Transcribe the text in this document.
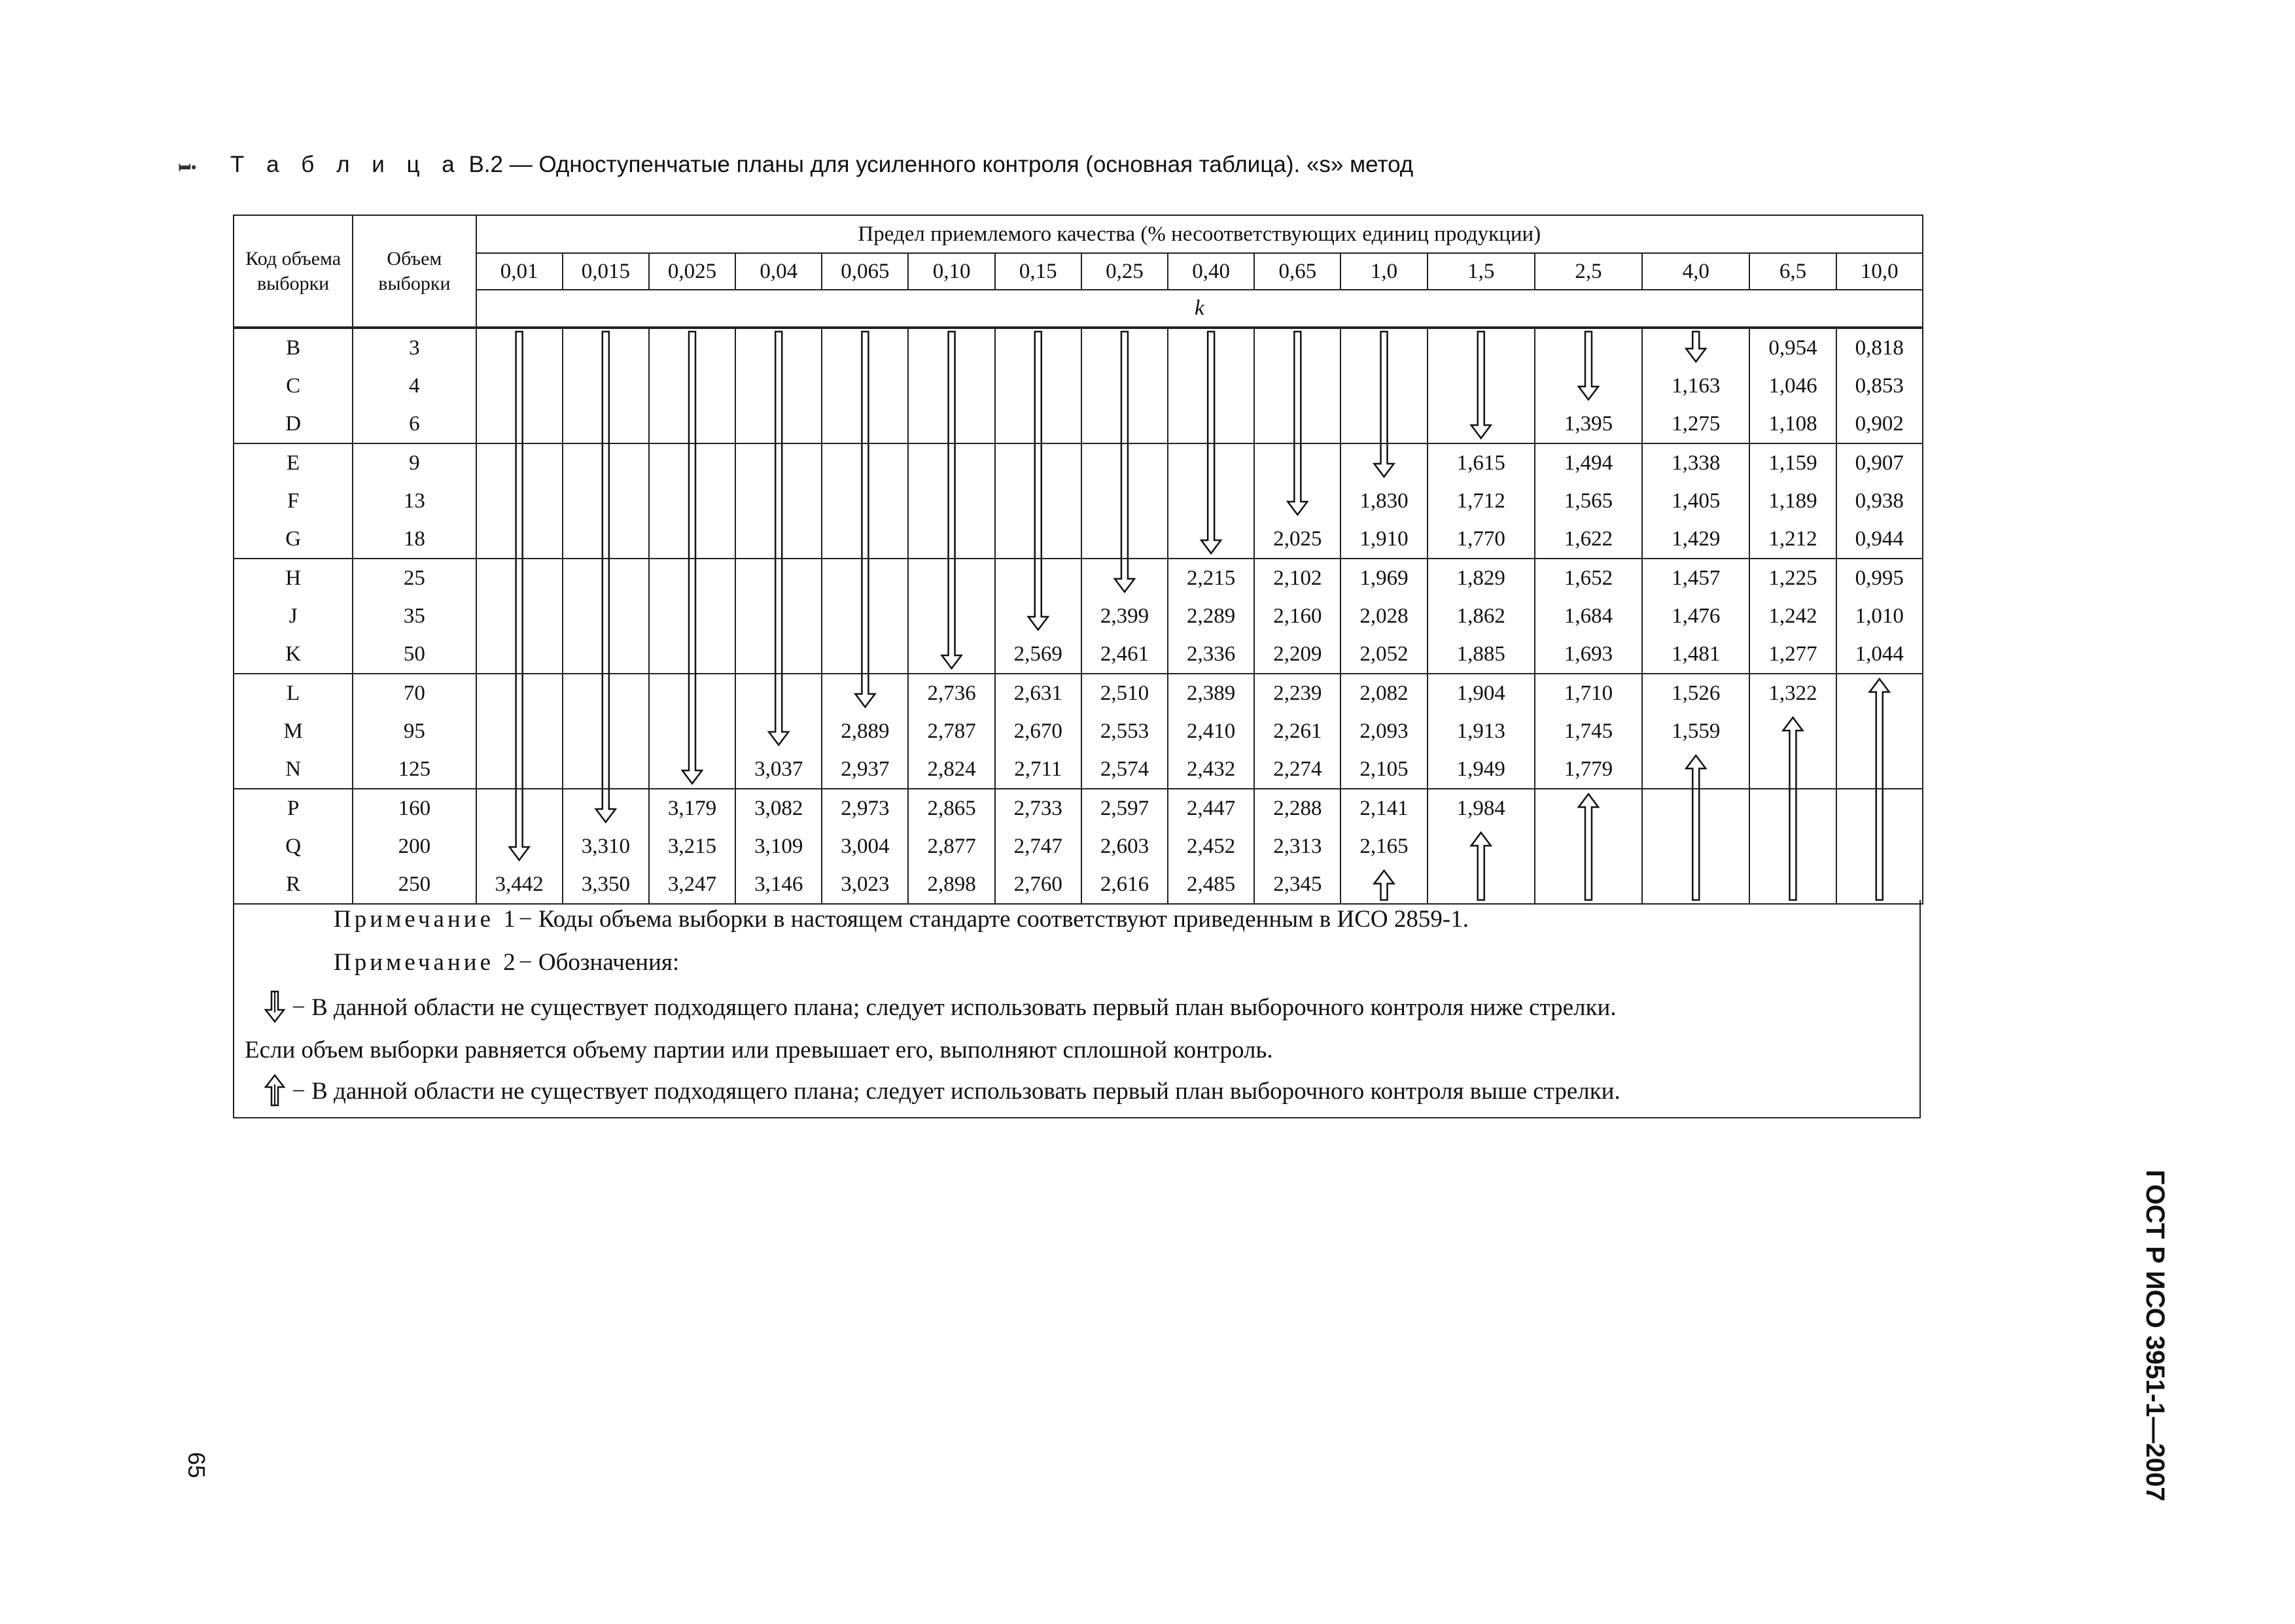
ℹ Т а б л и ц а В.2 — Одноступенчатые планы для усиленного контроля (основная таблица). «s» метод
Код объема выборки	Объем выборки	Предел приемлемого качества (% несоответствующих единиц продукции)															
		0,01	0,015	0,025	0,04	0,065	0,10	0,15	0,25	0,40	0,65	1,0	1,5	2,5	4,0	6,5	10,0
		k															
B	3															0,954	0,818
C	4														1,163	1,046	0,853
D	6													1,395	1,275	1,108	0,902
E	9												1,615	1,494	1,338	1,159	0,907
F	13											1,830	1,712	1,565	1,405	1,189	0,938
G	18										2,025	1,910	1,770	1,622	1,429	1,212	0,944
H	25									2,215	2,102	1,969	1,829	1,652	1,457	1,225	0,995
J	35								2,399	2,289	2,160	2,028	1,862	1,684	1,476	1,242	1,010
K	50							2,569	2,461	2,336	2,209	2,052	1,885	1,693	1,481	1,277	1,044
L	70						2,736	2,631	2,510	2,389	2,239	2,082	1,904	1,710	1,526	1,322	
M	95					2,889	2,787	2,670	2,553	2,410	2,261	2,093	1,913	1,745	1,559		
N	125				3,037	2,937	2,824	2,711	2,574	2,432	2,274	2,105	1,949	1,779			
P	160			3,179	3,082	2,973	2,865	2,733	2,597	2,447	2,288	2,141	1,984				
Q	200		3,310	3,215	3,109	3,004	2,877	2,747	2,603	2,452	2,313	2,165					
R	250	3,442	3,350	3,247	3,146	3,023	2,898	2,760	2,616	2,485	2,345						
Примечание 1− Коды объема выборки в настоящем стандарте соответствуют приведенным в ИСО 2859-1.
Примечание 2− Обозначения:
− В данной области не существует подходящего плана; следует использовать первый план выборочного контроля ниже стрелки.
Если объем выборки равняется объему партии или превышает его, выполняют сплошной контроль.
− В данной области не существует подходящего плана; следует использовать первый план выборочного контроля выше стрелки.
65	ГОСТ Р ИСО 3951-1—2007
